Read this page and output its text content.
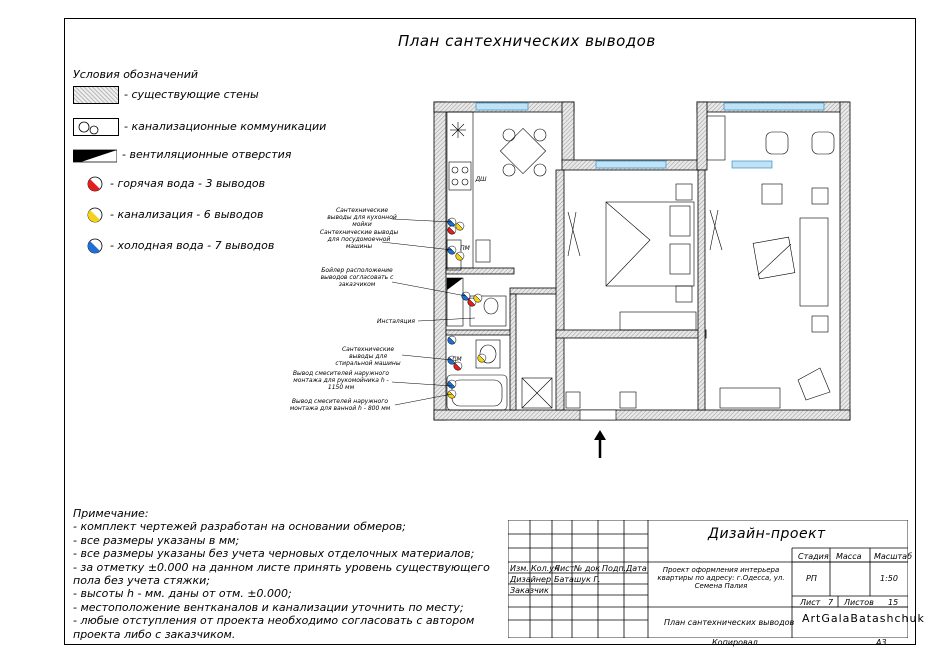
План сантехнических выводов
Условия обозначений
- существующие стены
- канализационные коммуникации
- вентиляционные отверстия
- горячая вода - 3 выводов
- канализация - 6 выводов
- холодная вода - 7 выводов
Сантехнические выводы для кухонной мойки
Сантехнические выводы для посудомоечной машины
Бойлер расположение выводов согласовать с заказчиком
Инсталяция
Сантехнические выводы для стиральной машины
Вывод смесителей наружного монтажа для рукомойника h - 1150 мм
Вывод смесителей наружного монтажа для ванной h - 800 мм
ПМ
ДШ
СМ
Примечание:
- комплект чертежей разработан на основании обмеров;
- все размеры указаны в мм;
- все размеры указаны без учета черновых отделочных материалов;
- за отметку ±0.000 на данном листе принять уровень существующего
пола без учета стяжки;
- высоты h - мм. даны от отм. ±0.000;
- местоположение вентканалов и канализации уточнить по месту;
- любые отступления от проекта необходимо согласовать с автором
проекта либо с заказчиком.
Дизайн-проект
Проект оформления интерьера квартиры по адресу: г.Одесса, ул. Семена Палия
План сантехнических выводов ArtGalaBatashchuk
Изм. Кол.уч
Лист № док Подп. Дата
Дизайнер Баташук Г.
Заказчик
Стадия Масса Масштаб
РП	1:50
Лист 7 Листов 15
Копировал	А3
